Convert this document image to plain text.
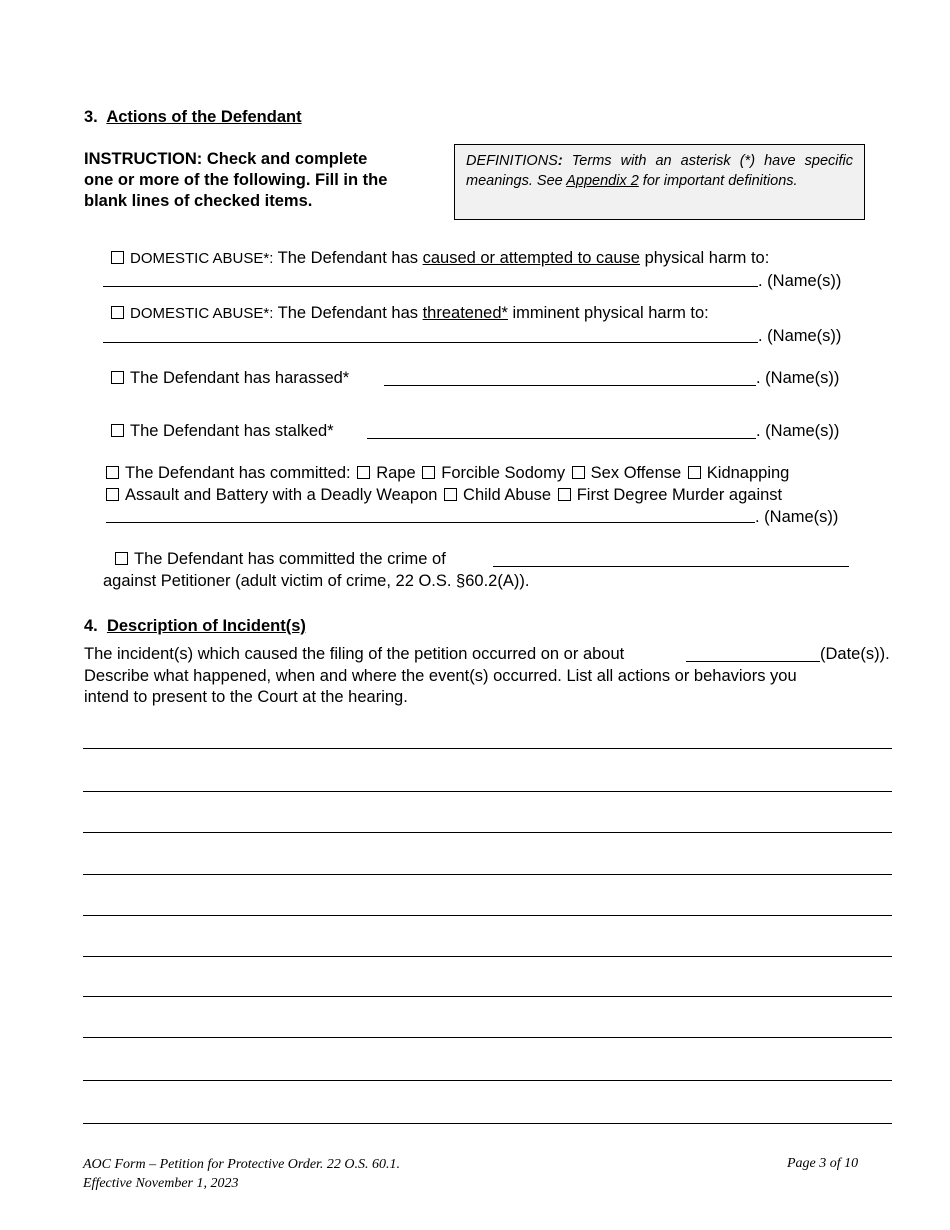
3. Actions of the Defendant
INSTRUCTION: Check and complete
one or more of the following. Fill in the
blank lines of checked items.
DEFINITIONS: Terms with an asterisk (*) have specific meanings. See Appendix 2 for important definitions.
DOMESTIC ABUSE*: The Defendant has caused or attempted to cause physical harm to:
. (Name(s))
DOMESTIC ABUSE*: The Defendant has threatened* imminent physical harm to:
. (Name(s))
The Defendant has harassed*	. (Name(s))
The Defendant has stalked*	. (Name(s))
The Defendant has committed: Rape Forcible Sodomy Sex Offense Kidnapping
Assault and Battery with a Deadly Weapon Child Abuse First Degree Murder against
. (Name(s))
The Defendant has committed the crime of
against Petitioner (adult victim of crime, 22 O.S. §60.2(A)).
4. Description of Incident(s)
The incident(s) which caused the filing of the petition occurred on or about	(Date(s)).
Describe what happened, when and where the event(s) occurred. List all actions or behaviors you
intend to present to the Court at the hearing.
AOC Form – Petition for Protective Order. 22 O.S. 60.1.
Effective November 1, 2023
Page 3 of 10
